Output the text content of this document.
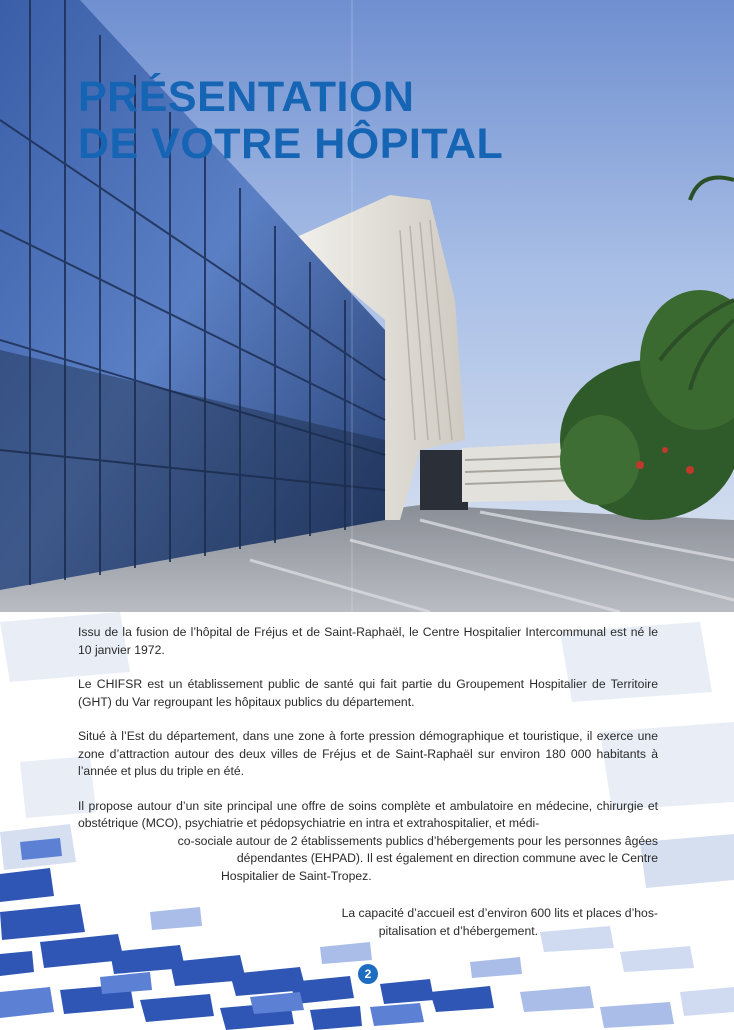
PRÉSENTATION
DE VOTRE HÔPITAL

Issu de la fusion de l’hôpital de Fréjus et de Saint-Raphaël, le Centre Hospitalier Intercommunal est né le 10 janvier 1972.

Le CHIFSR est un établissement public de santé qui fait partie du Groupement Hospitalier de Territoire (GHT) du Var regroupant les hôpitaux publics du département.

Situé à l’Est du département, dans une zone à forte pression démographique et touristique, il exerce une zone d’attraction autour des deux villes de Fréjus et de Saint-Raphaël sur environ 180 000 habitants à l’année et plus du triple en été.

Il propose autour d’un site principal une offre de soins complète et ambulatoire en médecine, chirurgie et obstétrique (MCO), psychiatrie et pédopsychiatrie en intra et extrahospitalier, et médi-
co-sociale autour de 2 établissements publics d’hébergements pour les personnes âgées
dépendantes (EHPAD). Il est également en direction commune avec le Centre
Hospitalier de Saint-Tropez.
La capacité d’accueil est d’environ 600 lits et places d’hos-
pitalisation et d’hébergement.
2
